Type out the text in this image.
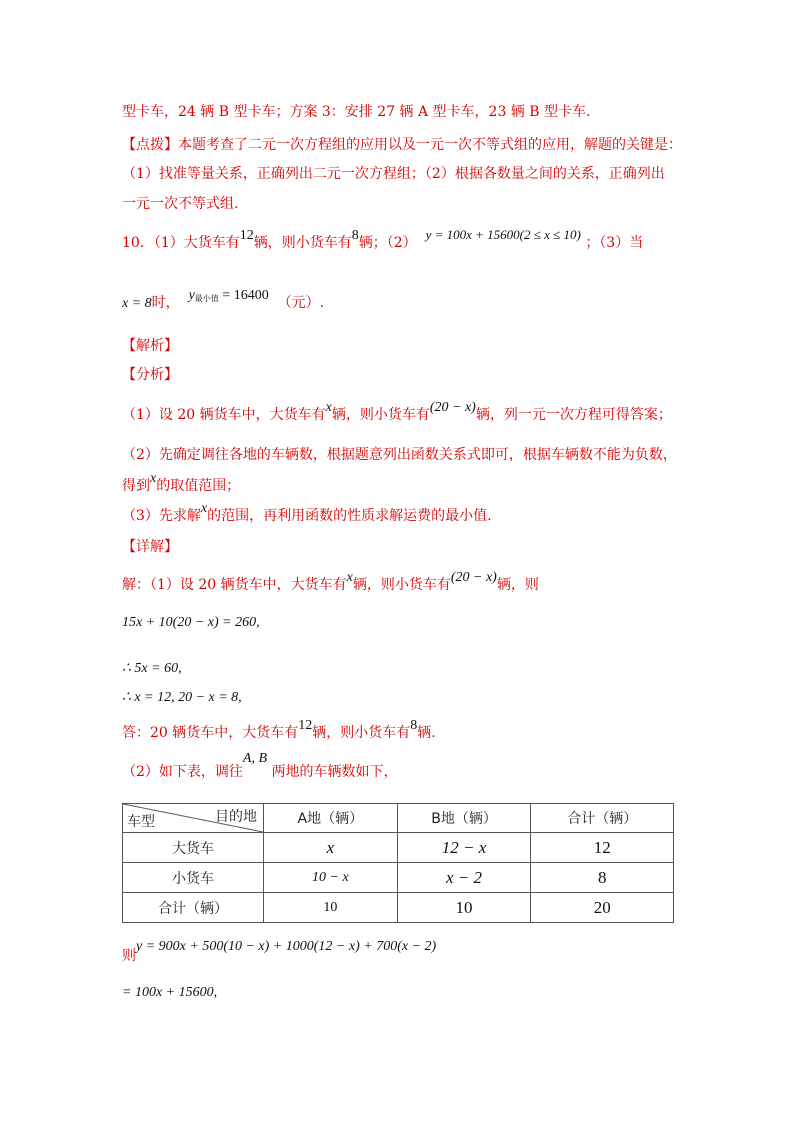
型卡车，24 辆 B 型卡车；方案 3：安排 27 辆 A 型卡车，23 辆 B 型卡车.
【点拨】本题考查了二元一次方程组的应用以及一元一次不等式组的应用，解题的关键是：
（1）找准等量关系，正确列出二元一次方程组；（2）根据各数量之间的关系，正确列出
一元一次不等式组.
10．（1）大货车有12辆，则小货车有8辆；（2）  y = 100x + 15600(2 ≤ x ≤ 10) ；（3）当
x = 8时， $y^{最小值} = 16400$ （元）.
【解析】
【分析】
（1）设 20 辆货车中，大货车有x辆，则小货车有(20 − x)辆，列一元一次方程可得答案；
（2）先确定调往各地的车辆数，根据题意列出函数关系式即可，根据车辆数不能为负数，
得到x的取值范围；
（3）先求解x的范围，再利用函数的性质求解运费的最小值.
【详解】
解：（1）设 20 辆货车中，大货车有x辆，则小货车有(20 − x)辆，则
15x + 10(20 − x) = 260,
∴ 5x = 60,
∴ x = 12, 20 − x = 8,
答：20 辆货车中，大货车有12辆，则小货车有8辆.
（2）如下表，调往A, B 两地的车辆数如下，
目的地
车型	A地（辆）	B地（辆）	合计（辆）
大货车	x	12 − x	12
小货车	10 − x	x − 2	8
合计（辆）	10	10	20
则y = 900x + 500(10 − x) + 1000(12 − x) + 700(x − 2)
= 100x + 15600,
